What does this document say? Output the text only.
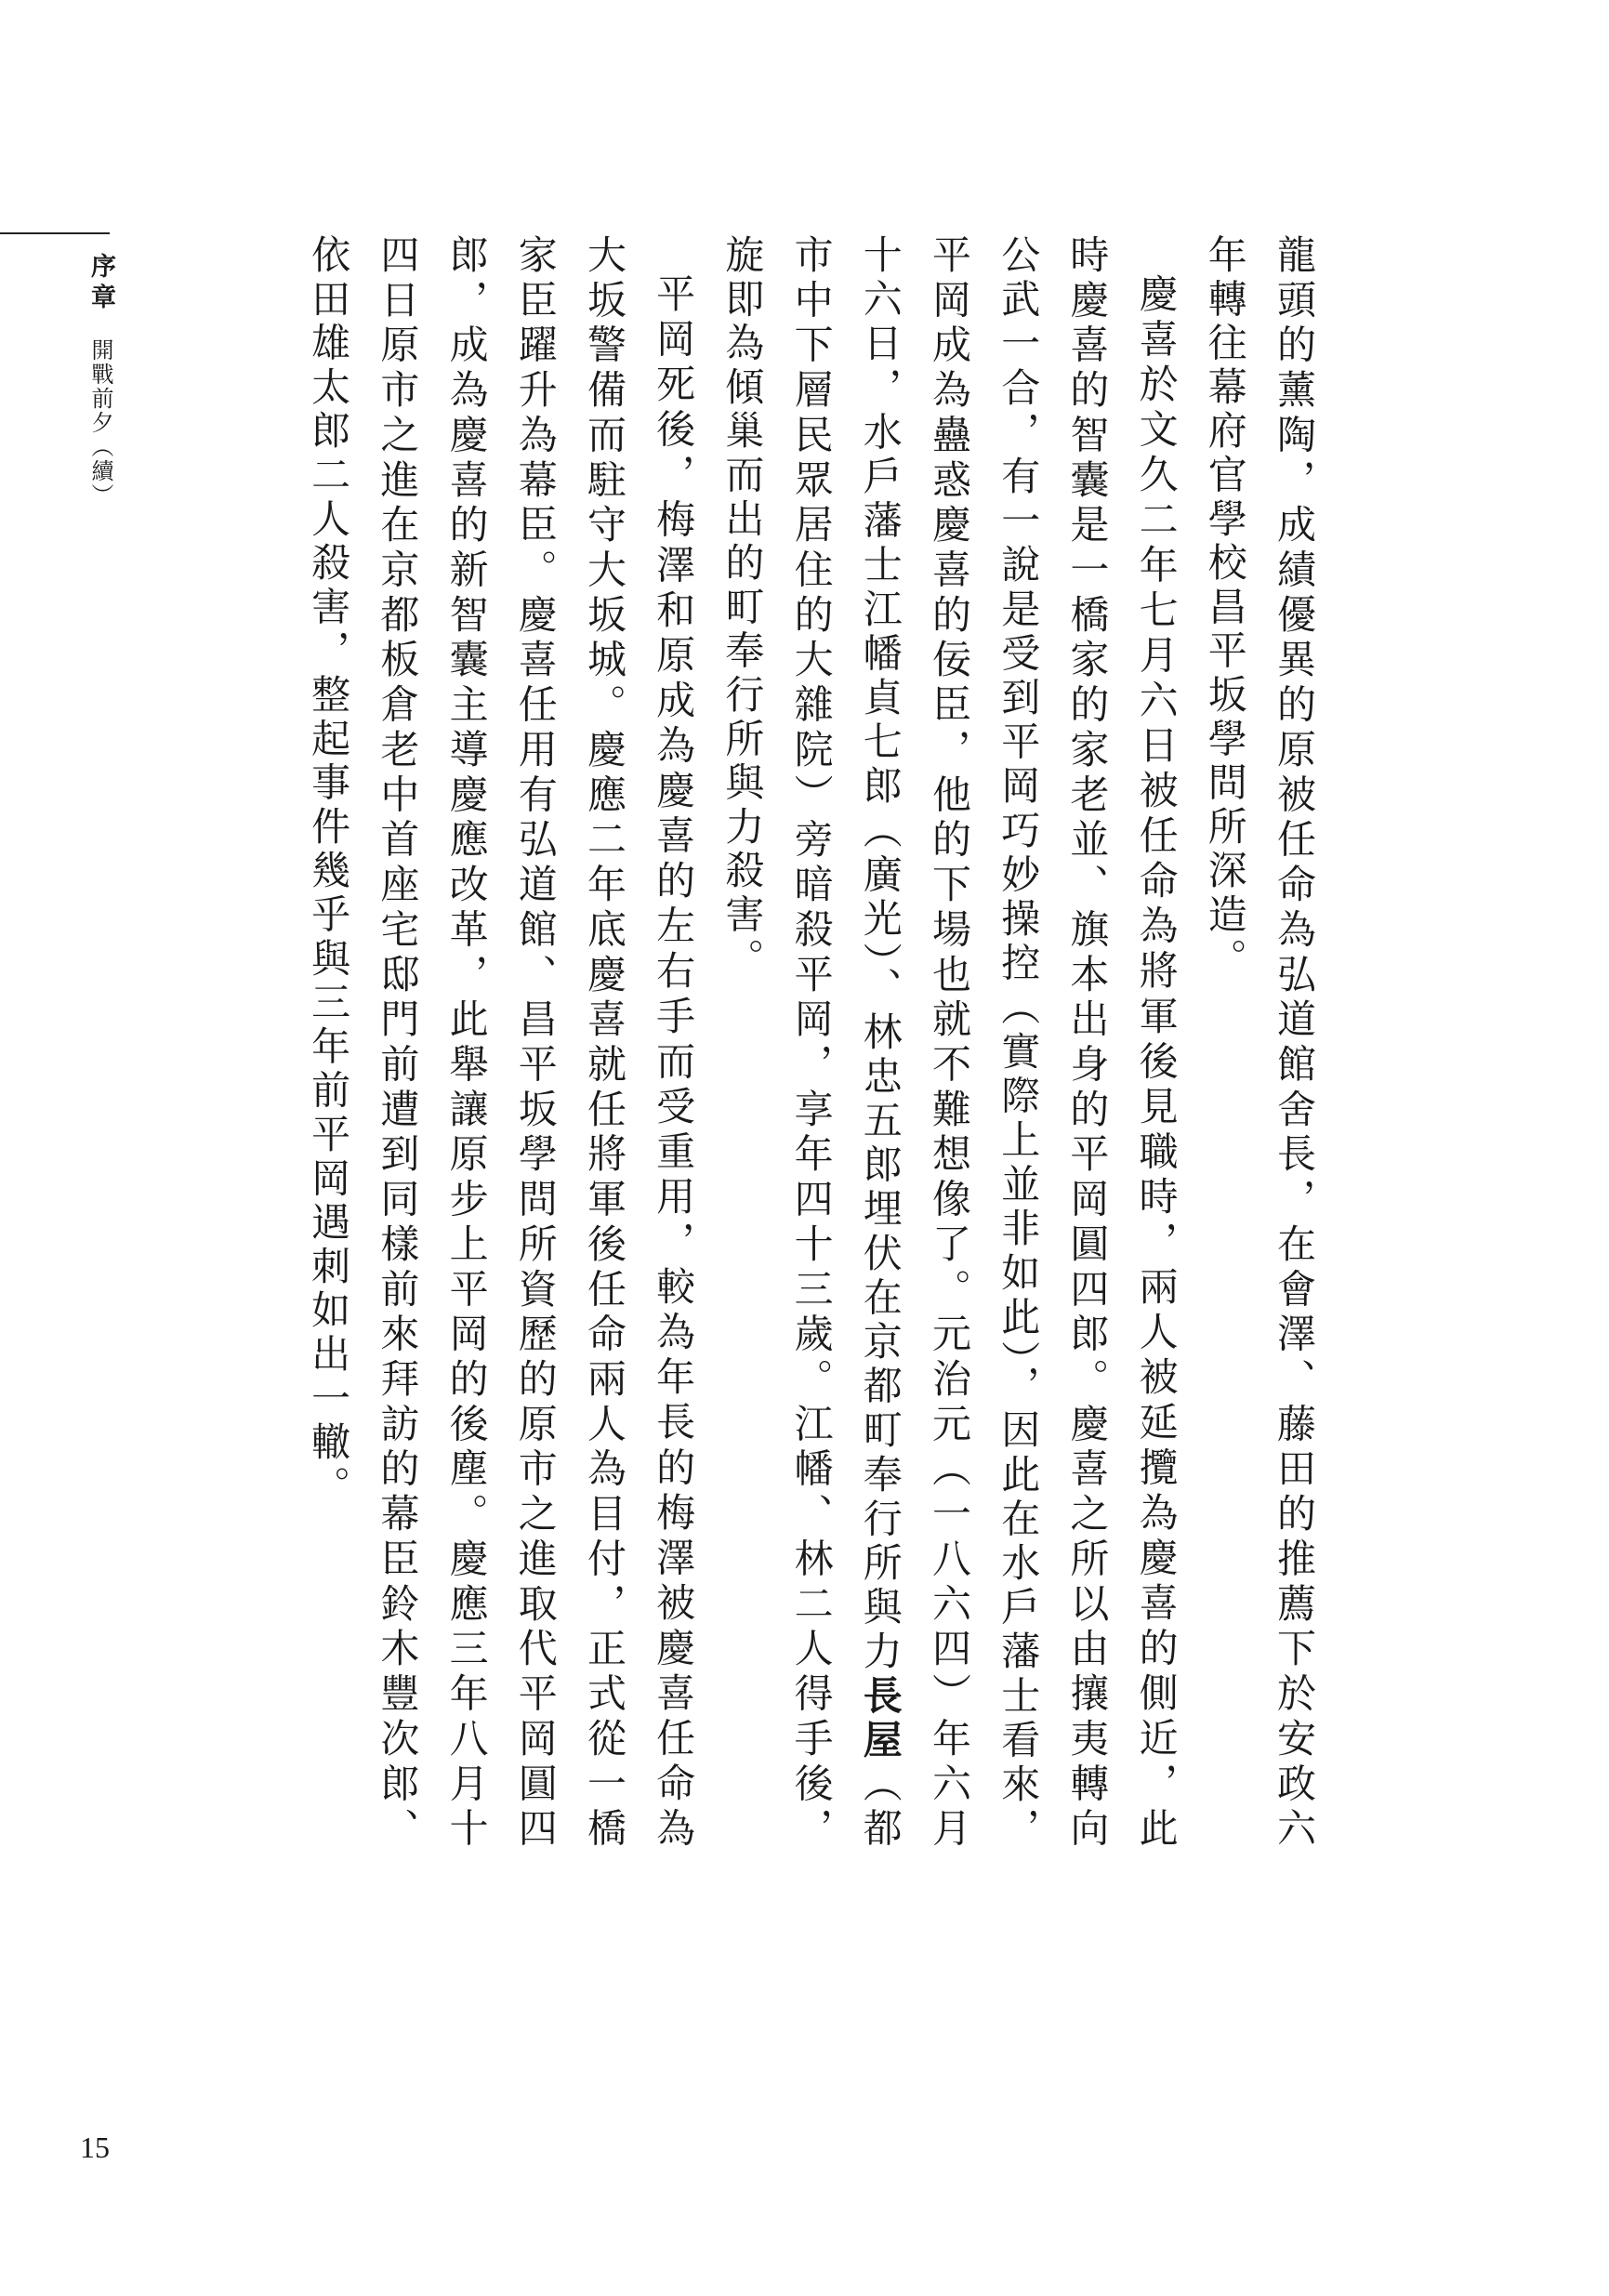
序章開戰前夕（續）	龍頭的薰陶，成績優異的原被任命為弘道館舍長，在會澤、藤田的推薦下於安政六年轉往幕府官學校昌平坂學問所深造。

慶喜於文久二年七月六日被任命為將軍後見職時，兩人被延攬為慶喜的側近，此時慶喜的智囊是一橋家的家老並、旗本出身的平岡圓四郎。慶喜之所以由攘夷轉向公武一合，有一說是受到平岡巧妙操控（實際上並非如此），因此在水戶藩士看來，平岡成為蠱惑慶喜的佞臣，他的下場也就不難想像了。元治元（一八六四）年六月十六日，水戶藩士江幡貞七郎（廣光）、林忠五郎埋伏在京都町奉行所與力長屋（都市中下層民眾居住的大雜院）旁暗殺平岡，享年四十三歲。江幡、林二人得手後，旋即為傾巢而出的町奉行所與力殺害。

平岡死後，梅澤和原成為慶喜的左右手而受重用，較為年長的梅澤被慶喜任命為大坂警備而駐守大坂城。慶應二年底慶喜就任將軍後任命兩人為目付，正式從一橋家臣躍升為幕臣。慶喜任用有弘道館、昌平坂學問所資歷的原市之進取代平岡圓四郎，成為慶喜的新智囊主導慶應改革，此舉讓原步上平岡的後塵。慶應三年八月十四日原市之進在京都板倉老中首座宅邸門前遭到同樣前來拜訪的幕臣鈴木豐次郎、依田雄太郎二人殺害，整起事件幾乎與三年前平岡遇刺如出一轍。

15
